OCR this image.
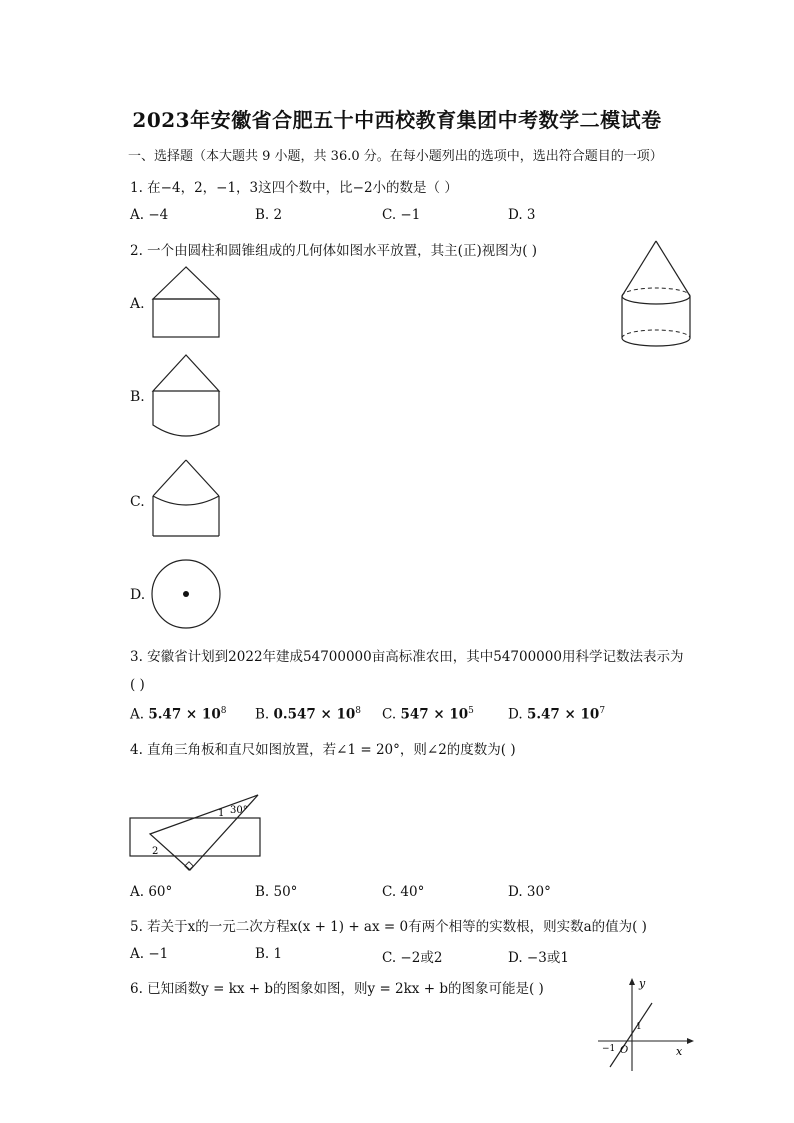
2023年安徽省合肥五十中西校教育集团中考数学二模试卷
一、选择题（本大题共 9 小题，共 36.0 分。在每小题列出的选项中，选出符合题目的一项）
1. 在−4，2，−1，3这四个数中，比−2小的数是（ ）
A. −4	B. 2	C. −1	D. 3
2. 一个由圆柱和圆锥组成的几何体如图水平放置，其主(正)视图为( )
A.
B.
C.
D.
3. 安徽省计划到2022年建成54700000亩高标准农田，其中54700000用科学记数法表示为
( )
A. $5.47 \times 10^8$ B. $0.547 \times 10^8$ C. $547 \times 10^5$	D. $5.47 \times 10^7$
4. 直角三角板和直尺如图放置，若∠1 = 20°，则∠2的度数为( )
1 30°
2
A. 60°	B. 50°	C. 40°	D. 30°
5. 若关于x的一元二次方程x(x + 1) + ax = 0有两个相等的实数根，则实数a的值为( )
A. −1	B. 1	C. −2或2	D. −3或1
6. 已知函数y = kx + b的图象如图，则y = 2kx + b的图象可能是( )	y
1
−1 O	x
